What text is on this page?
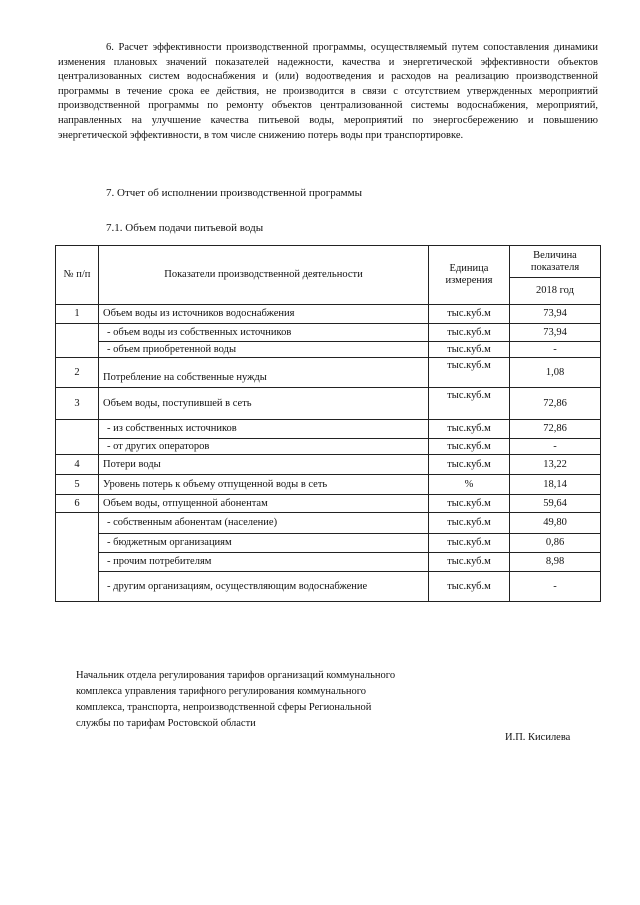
6. Расчет эффективности производственной программы, осуществляемый путем сопоставления динамики изменения плановых значений показателей надежности, качества и энергетической эффективности объектов централизованных систем водоснабжения и (или) водоотведения и расходов на реализацию производственной программы в течение срока ее действия, не производится в связи с отсутствием утвержденных мероприятий производственной программы по ремонту объектов централизованной системы водоснабжения, мероприятий, направленных на улучшение качества питьевой воды, мероприятий по энергосбережению и повышению энергетической эффективности, в том числе снижению потерь воды при транспортировке.

7. Отчет об исполнении производственной программы

7.1. Объем подачи питьевой воды

№ п/п	Показатели производственной деятельности	Единица измерения	Величина показателя
			2018 год
1	Объем воды из источников водоснабжения	тыс.куб.м	73,94
	- объем воды из собственных источников	тыс.куб.м	73,94
	- объем приобретенной воды	тыс.куб.м	-
2	Потребление на собственные нужды	тыс.куб.м	1,08
3	Объем воды, поступившей в сеть	тыс.куб.м	72,86
	- из собственных источников	тыс.куб.м	72,86
	- от других операторов	тыс.куб.м	-
4	Потери воды	тыс.куб.м	13,22
5	Уровень потерь к объему отпущенной воды в сеть	%	18,14
6	Объем воды, отпущенной абонентам	тыс.куб.м	59,64
	- собственным абонентам (население)	тыс.куб.м	49,80
	- бюджетным организациям	тыс.куб.м	0,86
	- прочим потребителям	тыс.куб.м	8,98
	- другим организациям, осуществляющим водоснабжение	тыс.куб.м	-

Начальник отдела регулирования тарифов организаций коммунального комплекса управления тарифного регулирования коммунального комплекса, транспорта, непроизводственной сферы Региональной службы по тарифам Ростовской области

И.П. Кисилева
